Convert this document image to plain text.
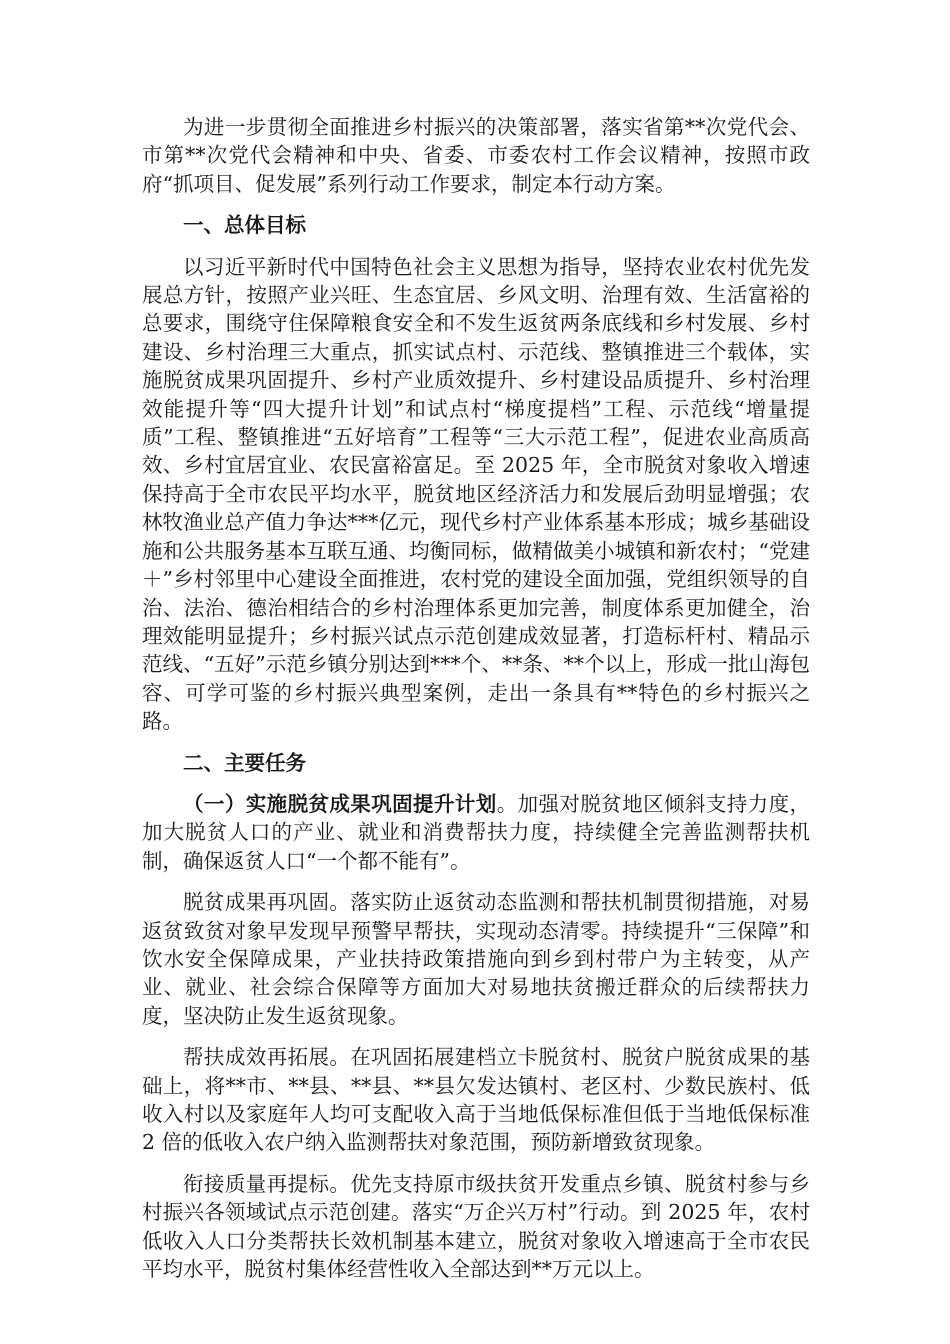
为进一步贯彻全面推进乡村振兴的决策部署，落实省第**次党代会、市第**次党代会精神和中央、省委、市委农村工作会议精神，按照市政府“抓项目、促发展”系列行动工作要求，制定本行动方案。

一、总体目标

以习近平新时代中国特色社会主义思想为指导，坚持农业农村优先发展总方针，按照产业兴旺、生态宜居、乡风文明、治理有效、生活富裕的总要求，围绕守住保障粮食安全和不发生返贫两条底线和乡村发展、乡村建设、乡村治理三大重点，抓实试点村、示范线、整镇推进三个载体，实施脱贫成果巩固提升、乡村产业质效提升、乡村建设品质提升、乡村治理效能提升等“四大提升计划”和试点村“梯度提档”工程、示范线“增量提质”工程、整镇推进“五好培育”工程等“三大示范工程”，促进农业高质高效、乡村宜居宜业、农民富裕富足。至 2025 年，全市脱贫对象收入增速保持高于全市农民平均水平，脱贫地区经济活力和发展后劲明显增强；农林牧渔业总产值力争达***亿元，现代乡村产业体系基本形成；城乡基础设施和公共服务基本互联互通、均衡同标，做精做美小城镇和新农村；“党建＋”乡村邻里中心建设全面推进，农村党的建设全面加强，党组织领导的自治、法治、德治相结合的乡村治理体系更加完善，制度体系更加健全，治理效能明显提升；乡村振兴试点示范创建成效显著，打造标杆村、精品示范线、“五好”示范乡镇分别达到***个、**条、**个以上，形成一批山海包容、可学可鉴的乡村振兴典型案例，走出一条具有**特色的乡村振兴之路。

二、主要任务

（一）实施脱贫成果巩固提升计划。加强对脱贫地区倾斜支持力度，加大脱贫人口的产业、就业和消费帮扶力度，持续健全完善监测帮扶机制，确保返贫人口“一个都不能有”。

脱贫成果再巩固。落实防止返贫动态监测和帮扶机制贯彻措施，对易返贫致贫对象早发现早预警早帮扶，实现动态清零。持续提升“三保障”和饮水安全保障成果，产业扶持政策措施向到乡到村带户为主转变，从产业、就业、社会综合保障等方面加大对易地扶贫搬迁群众的后续帮扶力度，坚决防止发生返贫现象。

帮扶成效再拓展。在巩固拓展建档立卡脱贫村、脱贫户脱贫成果的基础上，将**市、**县、**县、**县欠发达镇村、老区村、少数民族村、低收入村以及家庭年人均可支配收入高于当地低保标准但低于当地低保标准 2 倍的低收入农户纳入监测帮扶对象范围，预防新增致贫现象。

衔接质量再提标。优先支持原市级扶贫开发重点乡镇、脱贫村参与乡村振兴各领域试点示范创建。落实“万企兴万村”行动。到 2025 年，农村低收入人口分类帮扶长效机制基本建立，脱贫对象收入增速高于全市农民平均水平，脱贫村集体经营性收入全部达到**万元以上。
